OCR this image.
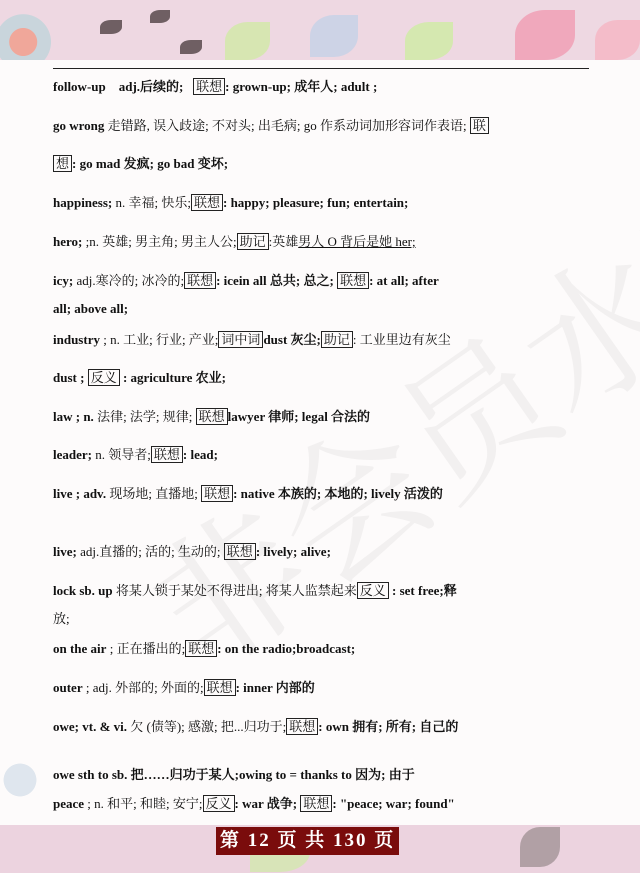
follow-up adj.后续的; 联想 : grown-up; 成年人; adult ;
go wrong 走错路, 误入歧途; 不对头; 出毛病; go 作系动词加形容词作表语; 联
想 : go mad 发疯; go bad 变坏;
happiness; n. 幸福; 快乐; 联想 : happy; pleasure; fun; entertain;
hero; ;n. 英雄; 男主角; 男主人公; 助记 :英雄男人 O 背后是她 her;
icy; adj.寒冷的; 冰冷的; 联想 : icein all 总共; 总之; 联想 : at all; after
all; above all;
industry ; n. 工业; 行业; 产业; 词中词 dust 灰尘; 助记 : 工业里边有灰尘
dust ; 反义 : agriculture 农业;
law ; n. 法律; 法学; 规律; 联想 lawyer 律师; legal 合法的
leader; n. 领导者; 联想 : lead;
live ; adv. 现场地; 直播地; 联想 : native 本族的; 本地的; lively 活泼的
live; adj.直播的; 活的; 生动的; 联想 : lively; alive;
lock sb. up 将某人锁于某处不得进出; 将某人监禁起来 反义 : set free;释
放;
on the air ; 正在播出的; 联想 : on the radio;broadcast;
outer ; adj. 外部的; 外面的; 联想 : inner 内部的
owe; vt. & vi. 欠 (债等); 感激; 把...归功于; 联想 : own 拥有; 所有; 自己的
owe sth to sb. 把……归功于某人;owing to = thanks to 因为; 由于
peace ; n. 和平; 和睦; 安宁; 反义 : war 战争; 联想 : "peace; war; found"
第 12 页 共 130 页
